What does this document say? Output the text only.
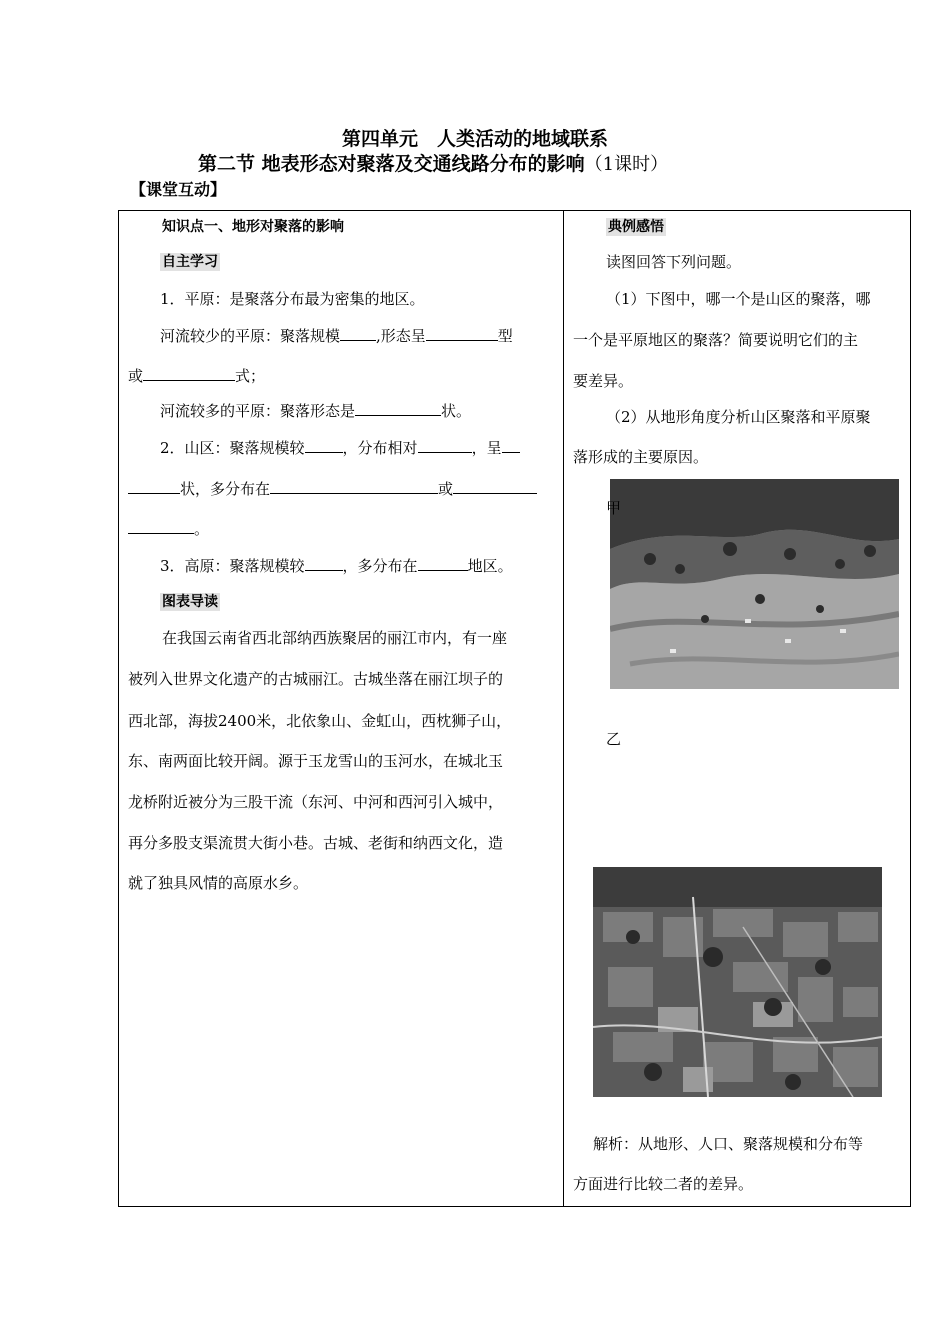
第四单元　人类活动的地域联系
第二节 地表形态对聚落及交通线路分布的影响（1课时）
【课堂互动】
知识点一、地形对聚落的影响
自主学习
1．平原：是聚落分布最为密集的地区。
河流较少的平原：聚落规模 ,形态呈	型
或	式；
河流较多的平原：聚落形态是	状。
2．山区：聚落规模较	，分布相对	，呈
状，多分布在	或
。
3．高原：聚落规模较	，多分布在	地区。
图表导读
在我国云南省西北部纳西族聚居的丽江市内，有一座
被列入世界文化遗产的古城丽江。古城坐落在丽江坝子的
西北部，海拔2400米，北依象山、金虹山，西枕狮子山，
东、南两面比较开阔。源于玉龙雪山的玉河水，在城北玉
龙桥附近被分为三股干流（东河、中河和西河引入城中，
再分多股支渠流贯大街小巷。古城、老街和纳西文化，造
就了独具风情的高原水乡。
典例感悟
读图回答下列问题。
（1）下图中，哪一个是山区的聚落，哪
一个是平原地区的聚落？简要说明它们的主
要差异。
（2）从地形角度分析山区聚落和平原聚
落形成的主要原因。
甲
乙
解析：从地形、人口、聚落规模和分布等
方面进行比较二者的差异。
